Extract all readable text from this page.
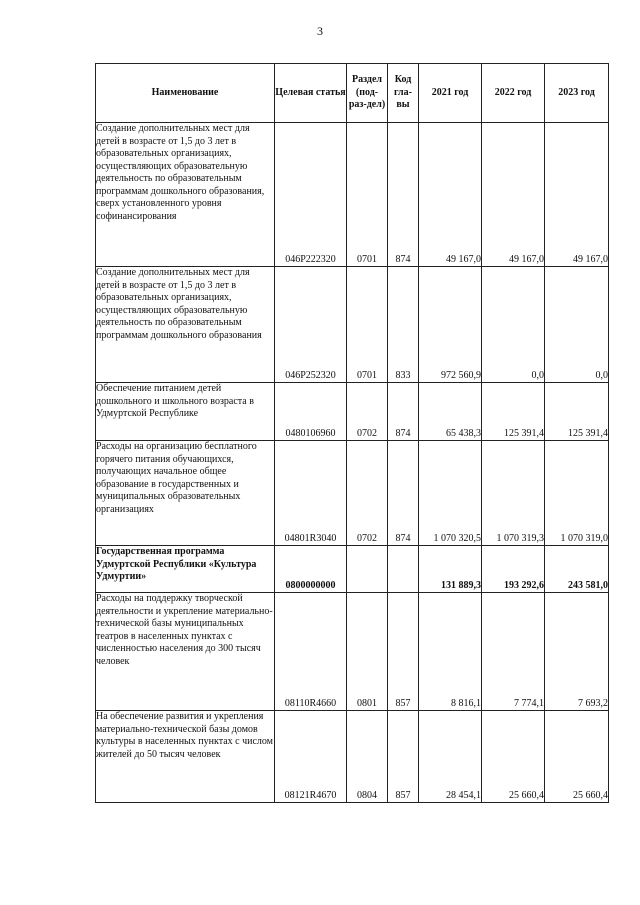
3
Наименование	Целевая статья	Раздел (под-раз-дел)	Код гла-вы	2021 год	2022 год	2023 год
Создание дополнительных мест для детей в возрасте от 1,5 до 3 лет в образовательных организациях, осуществляющих образовательную деятельность по образовательным программам дошкольного образования, сверх установленного уровня софинансирования	046P222320	0701	874	49 167,0	49 167,0	49 167,0
Создание дополнительных мест для детей в возрасте от 1,5 до 3 лет в образовательных организациях, осуществляющих образовательную деятельность по образовательным программам дошкольного образования	046P252320	0701	833	972 560,9	0,0	0,0
Обеспечение питанием детей дошкольного и школьного возраста в Удмуртской Республике	0480106960	0702	874	65 438,3	125 391,4	125 391,4
Расходы на организацию бесплатного горячего питания обучающихся, получающих начальное общее образование в государственных и муниципальных образовательных организациях	04801R3040	0702	874	1 070 320,5	1 070 319,3	1 070 319,0
Государственная программа Удмуртской Республики «Культура Удмуртии»	0800000000			131 889,3	193 292,6	243 581,0
Расходы на поддержку творческой деятельности и укрепление материально-технической базы муниципальных театров в населенных пунктах с численностью населения до 300 тысяч человек	08110R4660	0801	857	8 816,1	7 774,1	7 693,2
На обеспечение развития и укрепления материально-технической базы домов культуры в населенных пунктах с числом жителей до 50 тысяч человек	08121R4670	0804	857	28 454,1	25 660,4	25 660,4
